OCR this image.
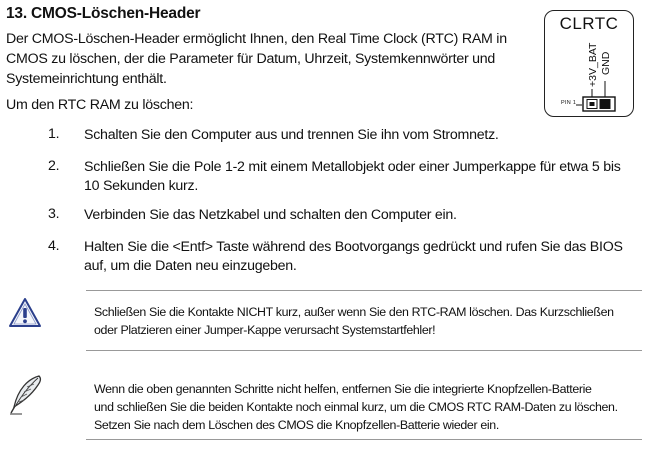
13. CMOS-Löschen-Header
Der CMOS-Löschen-Header ermöglicht Ihnen, den Real Time Clock (RTC) RAM in
CMOS zu löschen, der die Parameter für Datum, Uhrzeit, Systemkennwörter und
Systemeinrichtung enthält.
Um den RTC RAM zu löschen:
1. Schalten Sie den Computer aus und trennen Sie ihn vom Stromnetz.
2. Schließen Sie die Pole 1-2 mit einem Metallobjekt oder einer Jumperkappe für etwa 5 bis
10 Sekunden kurz.
3. Verbinden Sie das Netzkabel und schalten den Computer ein.
4. Halten Sie die <Entf> Taste während des Bootvorgangs gedrückt und rufen Sie das BIOS
auf, um die Daten neu einzugeben.
CLRTC
+3V_BAT GND
PIN 1
Schließen Sie die Kontakte NICHT kurz, außer wenn Sie den RTC-RAM löschen. Das Kurzschließen
oder Platzieren einer Jumper-Kappe verursacht Systemstartfehler!
Wenn die oben genannten Schritte nicht helfen, entfernen Sie die integrierte Knopfzellen-Batterie
und schließen Sie die beiden Kontakte noch einmal kurz, um die CMOS RTC RAM-Daten zu löschen.
Setzen Sie nach dem Löschen des CMOS die Knopfzellen-Batterie wieder ein.
